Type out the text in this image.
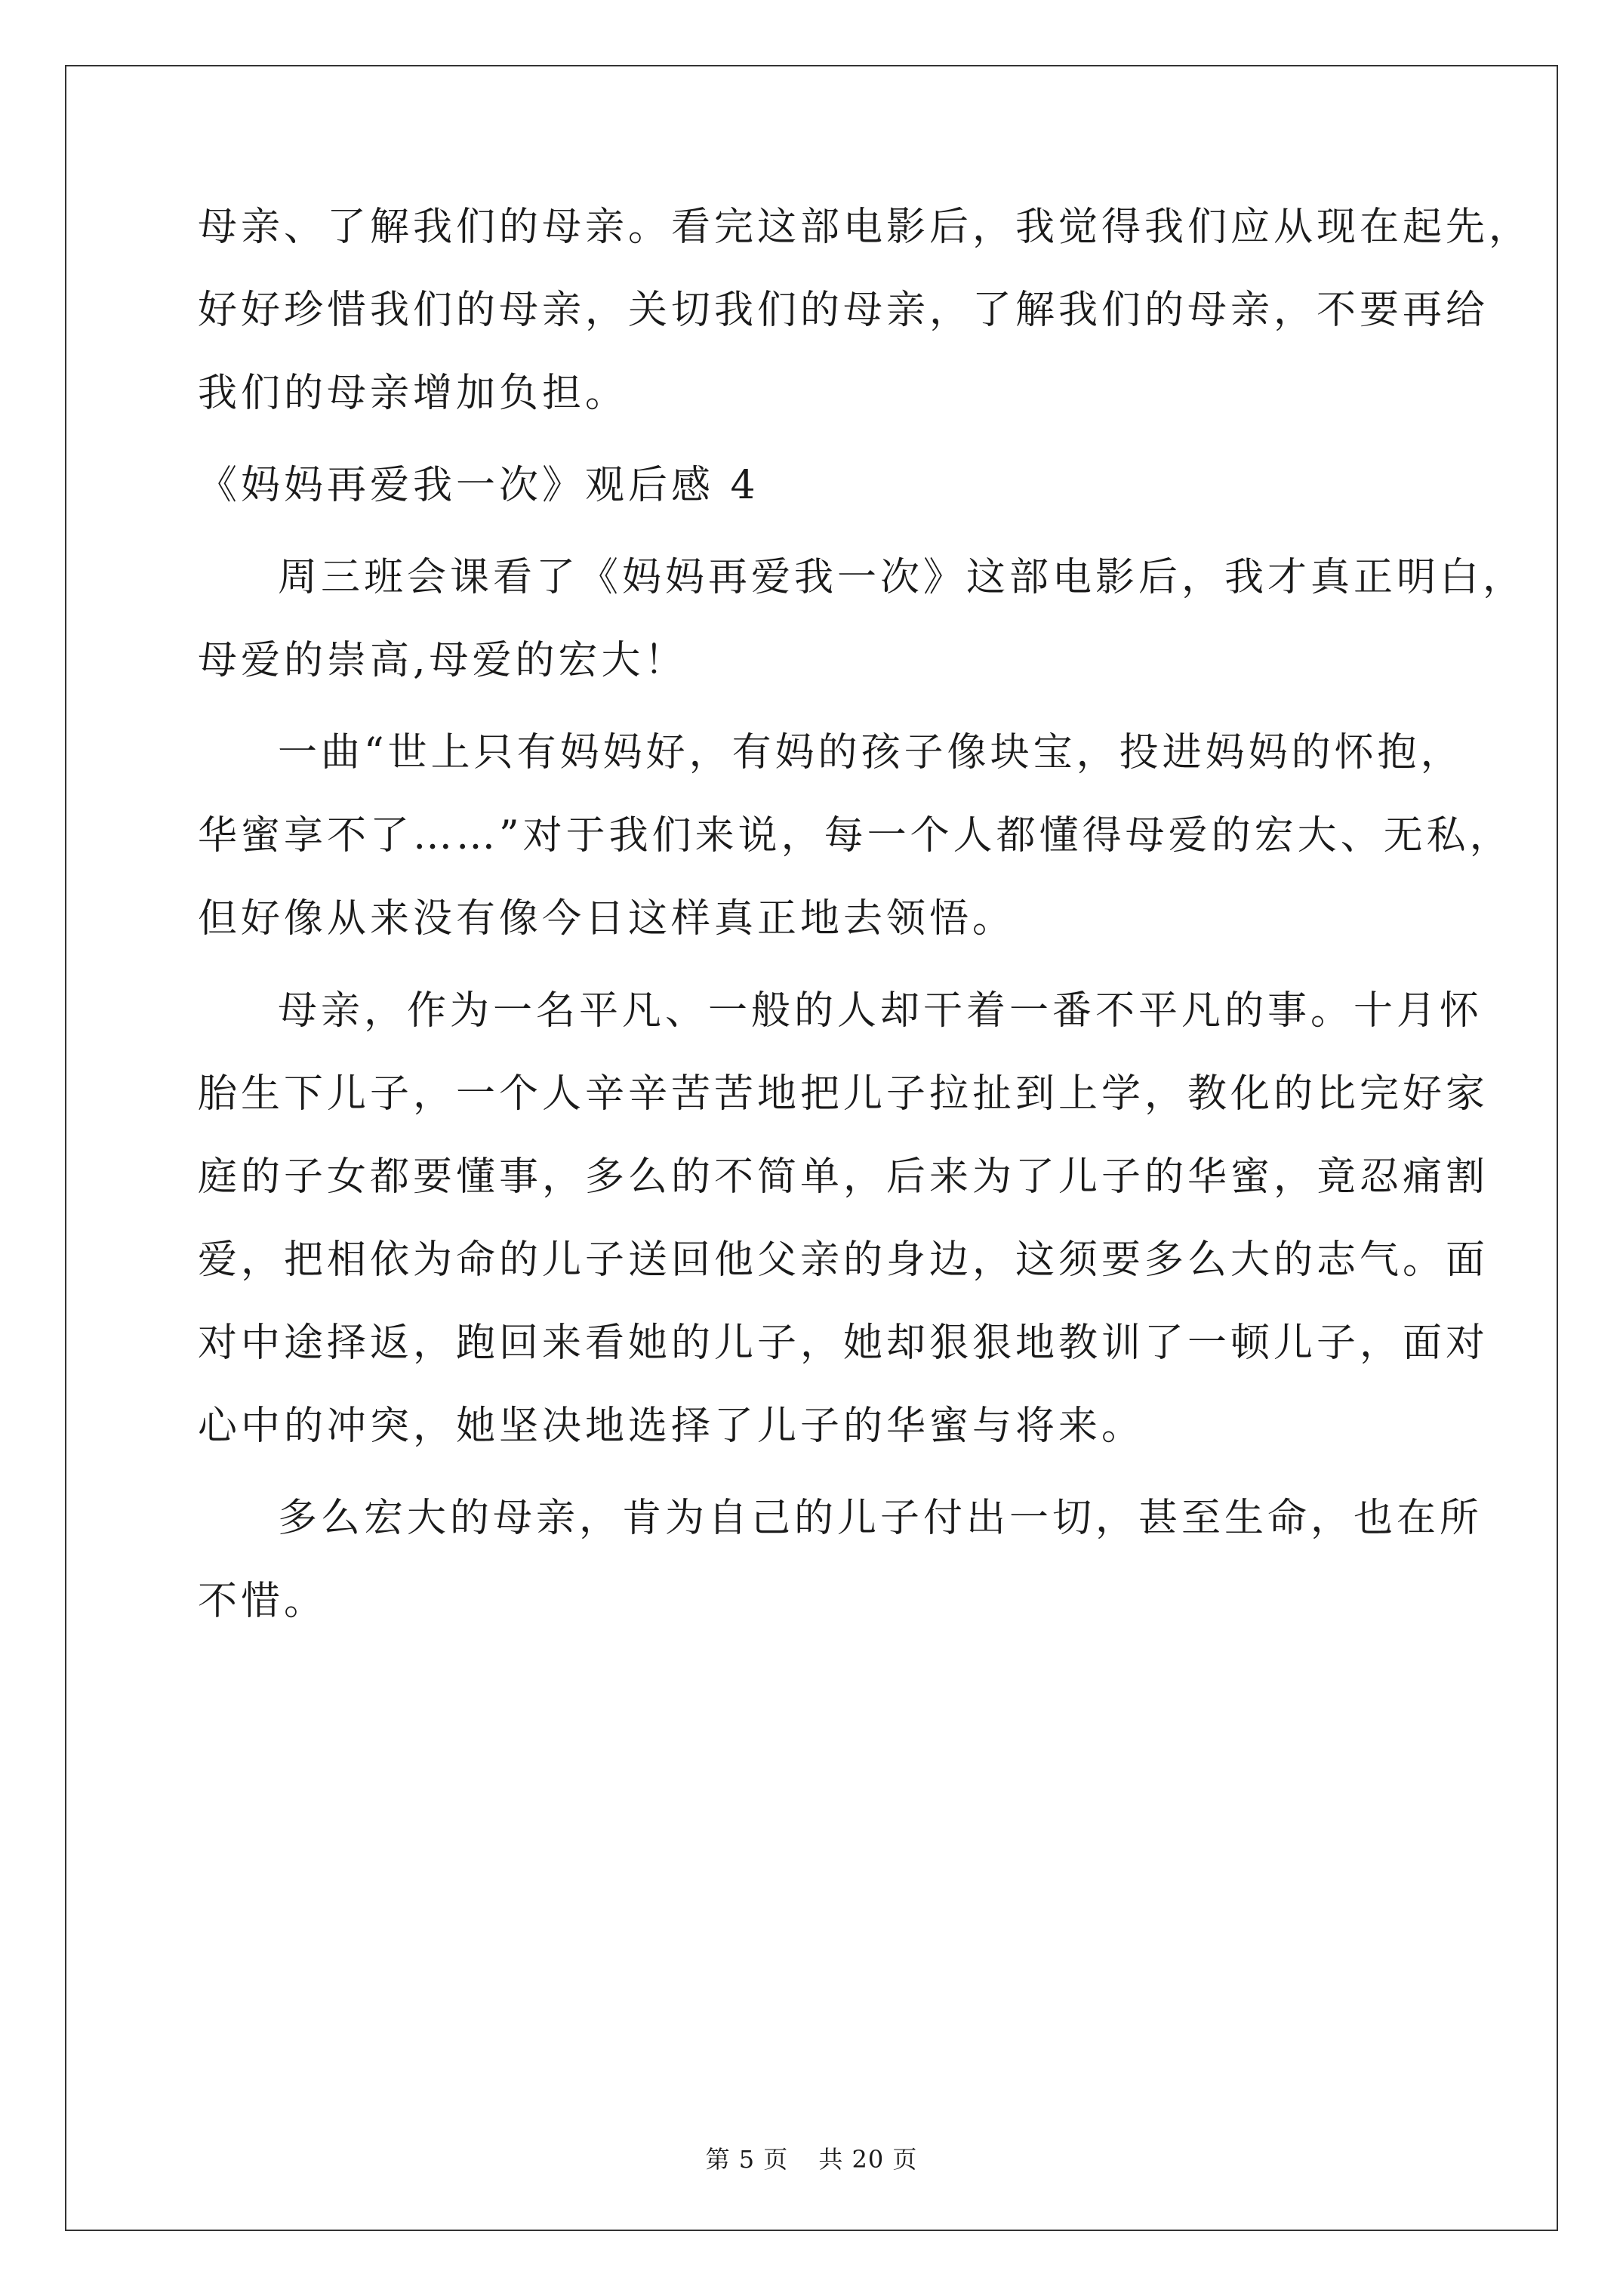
母亲、了解我们的母亲。看完这部电影后，我觉得我们应从现在起先，
好好珍惜我们的母亲，关切我们的母亲，了解我们的母亲，不要再给
我们的母亲增加负担。
《妈妈再爱我一次》观后感 4
周三班会课看了《妈妈再爱我一次》这部电影后，我才真正明白，
母爱的崇高,母爱的宏大！
一曲“世上只有妈妈好，有妈的孩子像块宝，投进妈妈的怀抱，
华蜜享不了……”对于我们来说，每一个人都懂得母爱的宏大、无私，
但好像从来没有像今日这样真正地去领悟。
母亲，作为一名平凡、一般的人却干着一番不平凡的事。十月怀
胎生下儿子，一个人辛辛苦苦地把儿子拉扯到上学，教化的比完好家
庭的子女都要懂事，多么的不简单，后来为了儿子的华蜜，竟忍痛割
爱，把相依为命的儿子送回他父亲的身边，这须要多么大的志气。面
对中途择返，跑回来看她的儿子，她却狠狠地教训了一顿儿子，面对
心中的冲突，她坚决地选择了儿子的华蜜与将来。
多么宏大的母亲，肯为自己的儿子付出一切，甚至生命，也在所
不惜。
第 5 页 共 20 页
